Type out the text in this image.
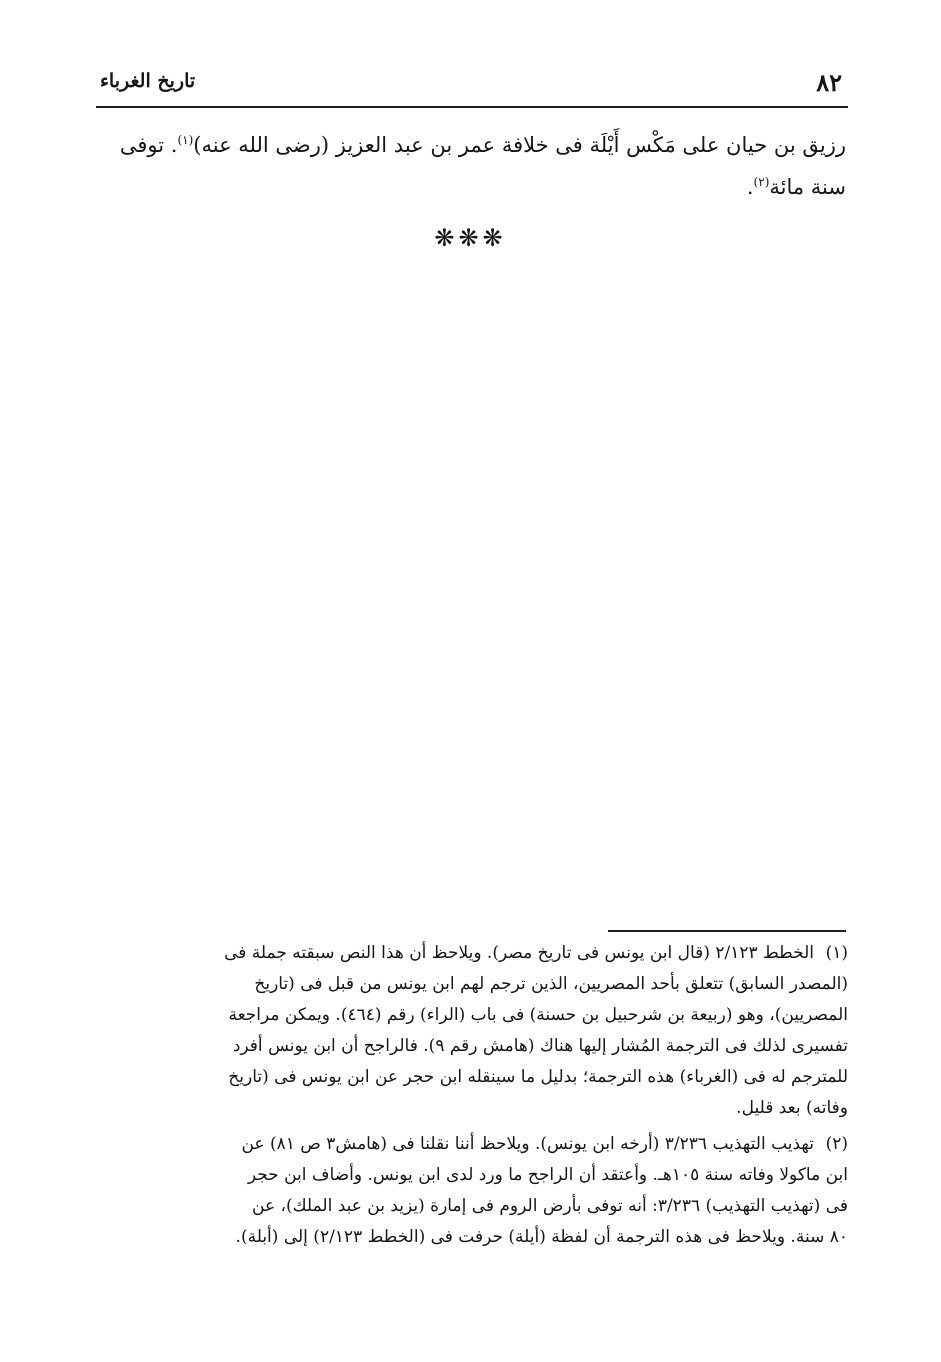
٨٢
تاريخ الغرباء
رزيق بن حيان على مَكْس أَيْلَة فى خلافة عمر بن عبد العزيز (رضى الله عنه)$^{(١)}$. توفى
سنة مائة$^{(٢)}$.
❋❋❋
(١)
الخطط ٢/١٢٣ (قال ابن يونس فى تاريخ مصر). ويلاحظ أن هذا النص سبقته جملة فى
(المصدر السابق) تتعلق بأحد المصريين، الذين ترجم لهم ابن يونس من قبل فى (تاريخ
المصريين)، وهو (ربيعة بن شرحبيل بن حسنة) فى باب (الراء) رقم (٤٦٤). ويمكن مراجعة
تفسيرى لذلك فى الترجمة المُشار إليها هناك (هامش رقم ٩). فالراجح أن ابن يونس أفرد
للمترجم له فى (الغرباء) هذه الترجمة؛ بدليل ما سينقله ابن حجر عن ابن يونس فى (تاريخ
وفاته) بعد قليل.
(٢)
تهذيب التهذيب ٣/٢٣٦ (أرخه ابن يونس). ويلاحظ أننا نقلنا فى (هامش٣ ص ٨١) عن
ابن ماكولا وفاته سنة ١٠٥هـ. وأعتقد أن الراجح ما ورد لدى ابن يونس. وأضاف ابن حجر
فى (تهذيب التهذيب) ٣/٢٣٦: أنه توفى بأرض الروم فى إمارة (يزيد بن عبد الملك)، عن
٨٠ سنة. ويلاحظ فى هذه الترجمة أن لفظة (أيلة) حرفت فى (الخطط ٢/١٢٣) إلى (أبلة).
